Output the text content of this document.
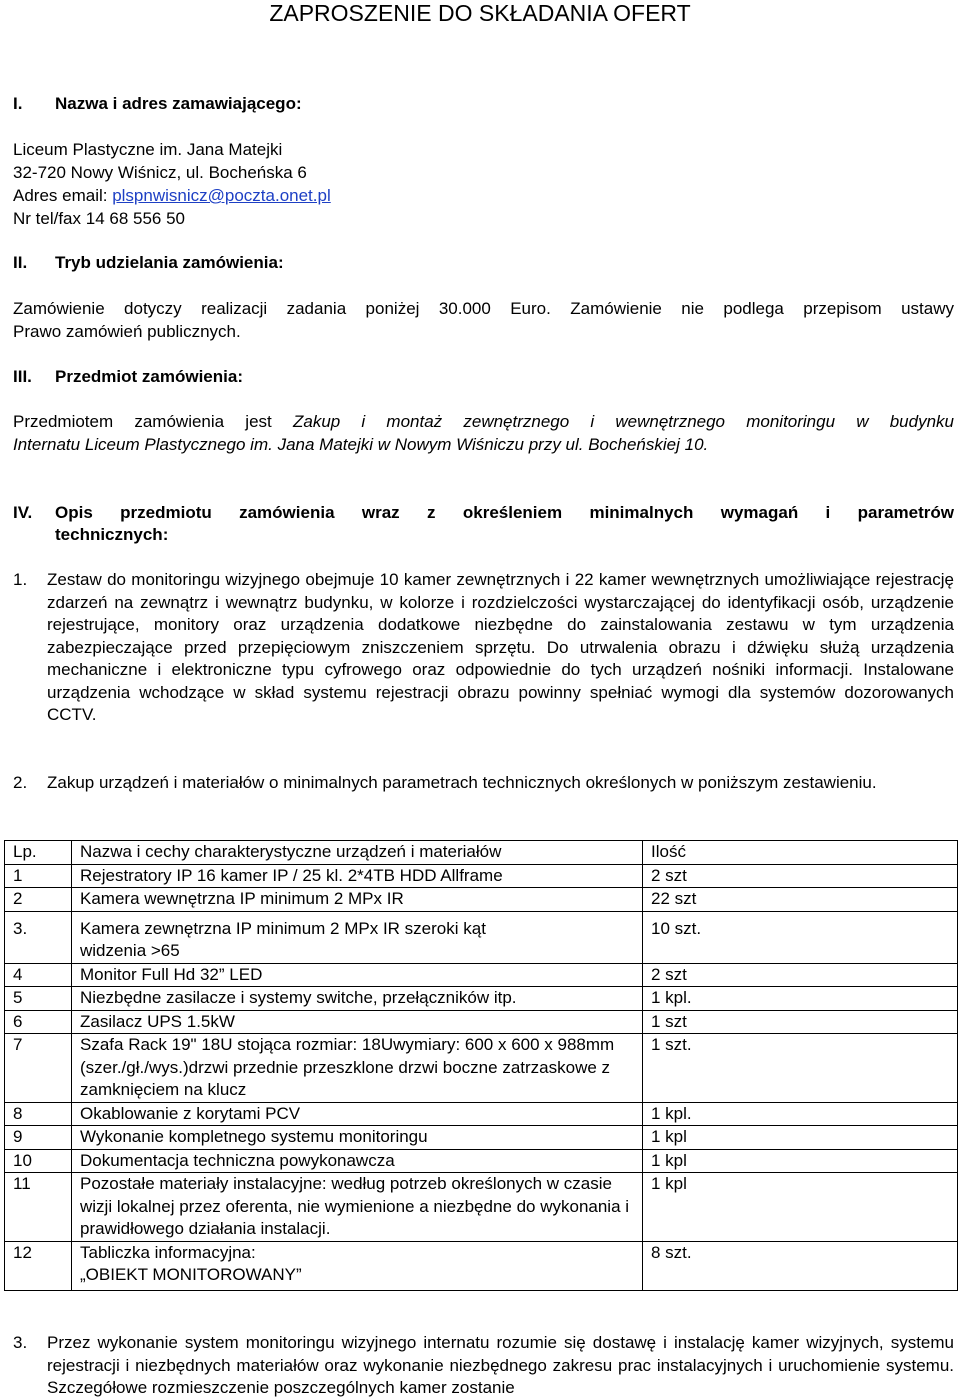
ZAPROSZENIE DO SKŁADANIA OFERT
I. Nazwa i adres zamawiającego:
Liceum Plastyczne im. Jana Matejki
32-720 Nowy Wiśnicz, ul. Bocheńska 6
Adres email: plspnwisnicz@poczta.onet.pl
Nr tel/fax 14 68 556 50
II. Tryb udzielania zamówienia:
Zamówienie dotyczy realizacji zadania poniżej 30.000 Euro. Zamówienie nie podlega przepisom ustawy
Prawo zamówień publicznych.
III. Przedmiot zamówienia:
Przedmiotem zamówienia jest Zakup i montaż zewnętrznego i wewnętrznego monitoringu w budynku
Internatu Liceum Plastycznego im. Jana Matejki w Nowym Wiśniczu przy ul. Bocheńskiej 10.
IV.	Opis przedmiotu zamówienia wraz z określeniem minimalnych wymagań i parametrów
technicznych:
1. Zestaw do monitoringu wizyjnego obejmuje 10 kamer zewnętrznych i 22 kamer wewnętrznych umożliwiające rejestrację zdarzeń na zewnątrz i wewnątrz budynku, w kolorze i rozdzielczości wystarczającej do identyfikacji osób, urządzenie rejestrujące, monitory oraz urządzenia dodatkowe niezbędne do zainstalowania zestawu w tym urządzenia zabezpieczające przed przepięciowym zniszczeniem sprzętu. Do utrwalenia obrazu i dźwięku służą urządzenia mechaniczne i elektroniczne typu cyfrowego oraz odpowiednie do tych urządzeń nośniki informacji. Instalowane urządzenia wchodzące w skład systemu rejestracji obrazu powinny spełniać wymogi dla systemów dozorowanych CCTV.
2. Zakup urządzeń i materiałów o minimalnych parametrach technicznych określonych w poniższym zestawieniu.
Lp.	Nazwa i cechy charakterystyczne urządzeń i materiałów	Ilość
1	Rejestratory IP 16 kamer IP / 25 kl. 2*4TB HDD Allframe	2 szt
2	Kamera wewnętrzna IP minimum 2 MPx IR	22 szt
3.	Kamera zewnętrzna IP minimum 2 MPx IR szeroki kąt widzenia >65	10 szt.
4	Monitor Full Hd 32” LED	2 szt
5	Niezbędne zasilacze i systemy switche, przełączników itp.	1 kpl.
6	Zasilacz UPS 1.5kW	1 szt
7	Szafa Rack 19" 18U stojąca rozmiar: 18Uwymiary: 600 x 600 x 988mm (szer./gł./wys.)drzwi przednie przeszklone drzwi boczne zatrzaskowe z zamknięciem na klucz	1 szt.
8	Okablowanie z korytami PCV	1 kpl.
9	Wykonanie kompletnego systemu monitoringu	1 kpl
10	Dokumentacja techniczna powykonawcza	1 kpl
11	Pozostałe materiały instalacyjne: według potrzeb określonych w czasie wizji lokalnej przez oferenta, nie wymienione a niezbędne do wykonania i prawidłowego działania instalacji.	1 kpl
12	Tabliczka informacyjna: „OBIEKT MONITOROWANY”	8 szt.
3. Przez wykonanie system monitoringu wizyjnego internatu rozumie się dostawę i instalację kamer wizyjnych, systemu rejestracji i niezbędnych materiałów oraz wykonanie niezbędnego zakresu prac instalacyjnych i uruchomienie systemu. Szczegółowe rozmieszczenie poszczególnych kamer zostanie
